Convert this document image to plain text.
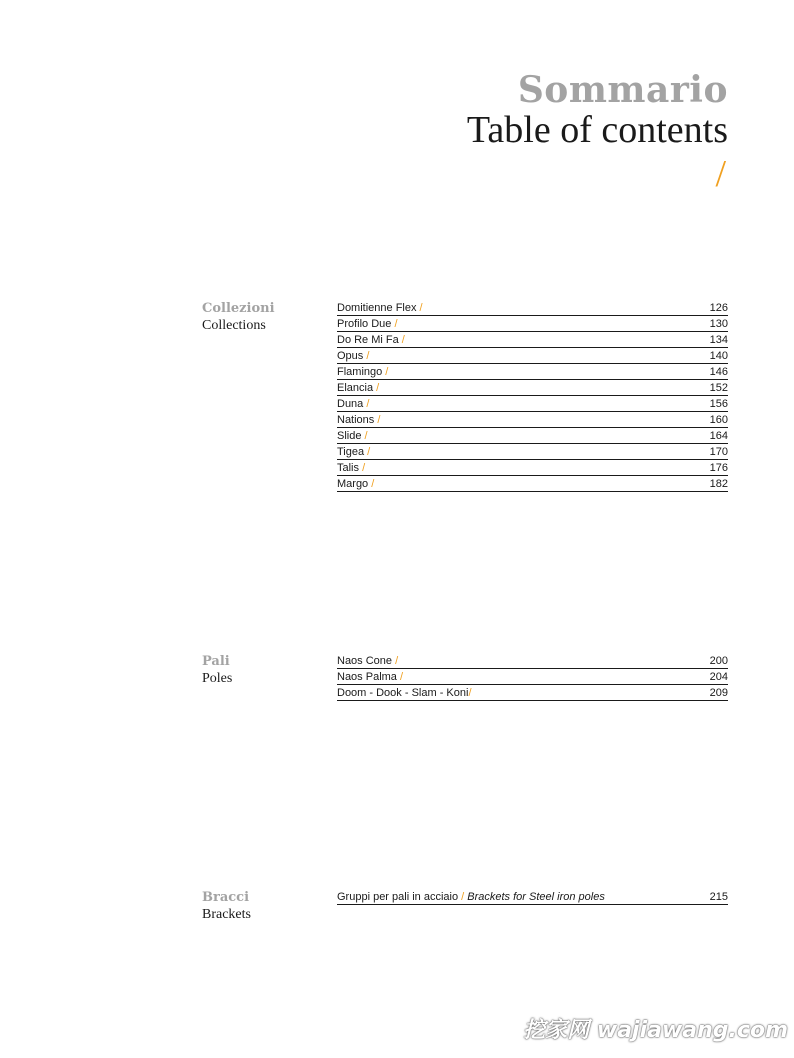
Sommario
Table of contents
/
Collezioni
Collections
Domitienne Flex /	126
Profilo Due /	130
Do Re Mi Fa /	134
Opus /	140
Flamingo /	146
Elancia /	152
Duna /	156
Nations /	160
Slide /	164
Tigea /	170
Talis /	176
Margo /	182
Pali
Poles
Naos Cone /	200
Naos Palma /	204
Doom - Dook - Slam - Koni/	209
Bracci
Brackets
Gruppi per pali in acciaio / Brackets for Steel iron poles	215
挖家网 wajiawang.com
